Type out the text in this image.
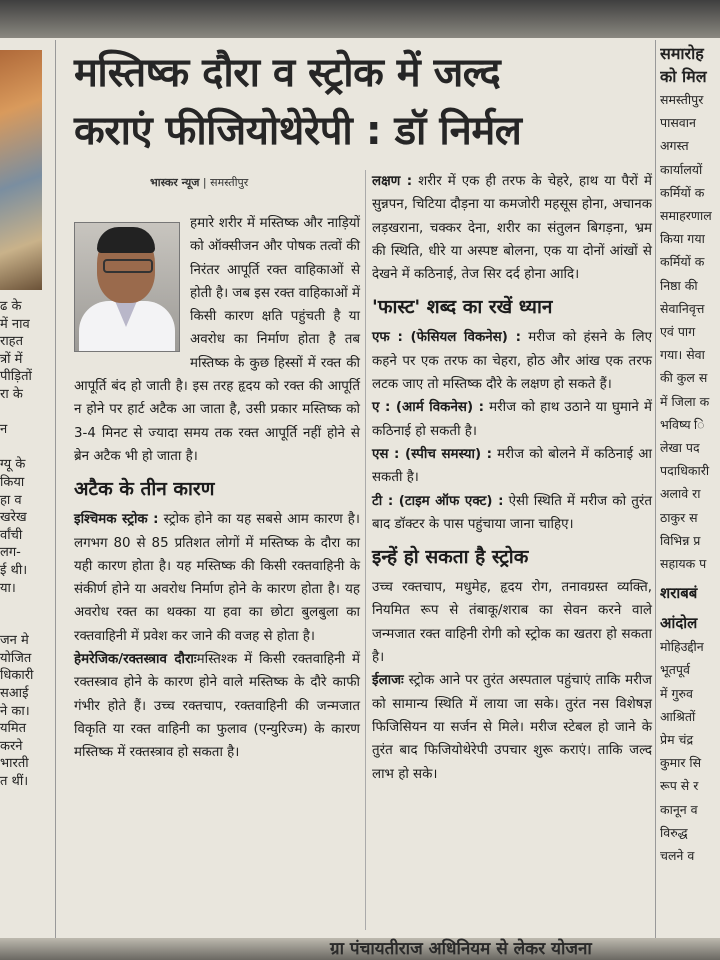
ढ के

में नाव

राहत

त्रों में

पीड़ितों

रा के

न

ग्यू के

किया

हा व

खरेख

र्वांची

लग-

ई थी।

या।

जन मे

योजित

धिकारी

सआई

ने का।

यमित

करने

भारती

त थीं।

मस्तिष्क दौरा व स्ट्रोक में जल्द
कराएं फीजियोथेरेपी : डॉ निर्मल
भास्कर न्यूज | समस्तीपुर

हमारे शरीर में मस्तिष्क और नाड़ियों को ऑक्सीजन और पोषक तत्वों की निरंतर आपूर्ति रक्त वाहिकाओं से होती है। जब इस रक्त वाहिकाओं में किसी कारण क्षति पहुंचती है या अवरोध का निर्माण होता है तब मस्तिष्क के कुछ हिस्सों में रक्त की आपूर्ति बंद हो जाती है। इस तरह हृदय को रक्त की आपूर्ति न होने पर हार्ट अटैक आ जाता है, उसी प्रकार मस्तिष्क को 3-4 मिनट से ज्यादा समय तक रक्त आपूर्ति नहीं होने से ब्रेन अटैक भी हो जाता है।

अटैक के तीन कारण

इश्चिमक स्ट्रोक : स्ट्रोक होने का यह सबसे आम कारण है। लगभग 80 से 85 प्रतिशत लोगों में मस्तिष्क के दौरा का यही कारण होता है। यह मस्तिष्क की किसी रक्तवाहिनी के संकीर्ण होने या अवरोध निर्माण होने के कारण होता है। यह अवरोध रक्त का थक्का या हवा का छोटा बुलबुला का रक्तवाहिनी में प्रवेश कर जाने की वजह से होता है।

हेमरेजिक/रक्तस्त्राव दौराःमस्तिश्क में किसी रक्तवाहिनी में रक्तस्त्राव होने के कारण होने वाले मस्तिष्क के दौरे काफी गंभीर होते हैं। उच्च रक्तचाप, रक्तवाहिनी की जन्मजात विकृति या रक्त वाहिनी का फुलाव (एन्युरिज्म) के कारण मस्तिष्क में रक्तस्त्राव हो सकता है।

लक्षण : शरीर में एक ही तरफ के चेहरे, हाथ या पैरों में सुन्नपन, चिटिया दौड़ना या कमजोरी महसूस होना, अचानक लड़खराना, चक्कर देना, शरीर का संतुलन बिगड़ना, भ्रम की स्थिति, धीरे या अस्पष्ट बोलना, एक या दोनों आंखों से देखने में कठिनाई, तेज सिर दर्द होना आदि।

'फास्ट' शब्द का रखें ध्यान

एफ : (फेसियल विकनेस) : मरीज को हंसने के लिए कहने पर एक तरफ का चेहरा, होठ और आंख एक तरफ लटक जाए तो मस्तिष्क दौरे के लक्षण हो सकते हैं।

ए : (आर्म विकनेस) : मरीज को हाथ उठाने या घुमाने में कठिनाई हो सकती है।

एस : (स्पीच समस्या) : मरीज को बोलने में कठिनाई आ सकती है।

टी : (टाइम ऑफ एक्ट) : ऐसी स्थिति में मरीज को तुरंत बाद डॉक्टर के पास पहुंचाया जाना चाहिए।

इन्हें हो सकता है स्ट्रोक

उच्च रक्तचाप, मधुमेह, हृदय रोग, तनावग्रस्त व्यक्ति, नियमित रूप से तंबाकू/शराब का सेवन करने वाले जन्मजात रक्त वाहिनी रोगी को स्ट्रोक का खतरा हो सकता है।

ईलाजः स्ट्रोक आने पर तुरंत अस्पताल पहुंचाएं ताकि मरीज को सामान्य स्थिति में लाया जा सके। तुरंत नस विशेषज्ञ फिजिसियन या सर्जन से मिले। मरीज स्टेबल हो जाने के तुरंत बाद फिजियोथेरेपी उपचार शुरू कराएं। ताकि जल्द लाभ हो सके।

समारोह
को मिल
समस्तीपुर
पासवान
अगस्त
कार्यालयों
कर्मियों क
समाहरणाल
किया गया
कर्मियों क
निष्ठा की
सेवानिवृत्त
एवं पाग
गया। सेवा
की कुल स
में जिला क
भविष्य ि
लेखा पद
पदाधिकारी
अलावे रा
ठाकुर स
विभिन्न प्र
सहायक प
शराबबं
आंदोल
मोहिउद्दीन
भूतपूर्व
में गुरुव
आश्रितों
प्रेम चंद्र
कुमार सि
रूप से र
कानून व
विरुद्ध
चलने व
ग्रा पंचायतीराज अधिनियम से लेकर योजना
